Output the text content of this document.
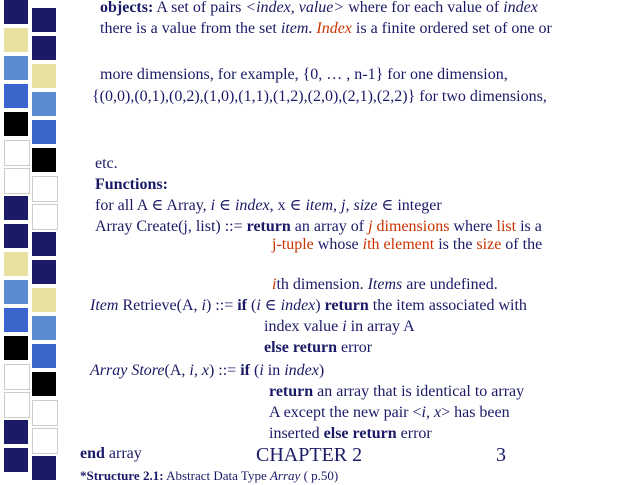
objects: A set of pairs <index, value> where for each value of index
there is a value from the set item. Index is a finite ordered set of one or
more dimensions, for example, {0, … , n-1} for one dimension,
{(0,0),(0,1),(0,2),(1,0),(1,1),(1,2),(2,0),(2,1),(2,2)} for two dimensions,
etc.
Functions:
for all A ∈ Array, i ∈ index, x ∈ item, j, size ∈ integer
Array Create(j, list) ::= return an array of j dimensions where list is a
j-tuple whose ith element is the size of the
ith dimension. Items are undefined.
Item Retrieve(A, i) ::= if (i ∈ index) return the item associated with
index value i in array A
else return error
Array Store(A, i, x) ::= if (i in index)
return an array that is identical to array
A except the new pair <i, x> has been
inserted else return error
end array
*Structure 2.1: Abstract Data Type Array ( p.50)
CHAPTER 2	3
